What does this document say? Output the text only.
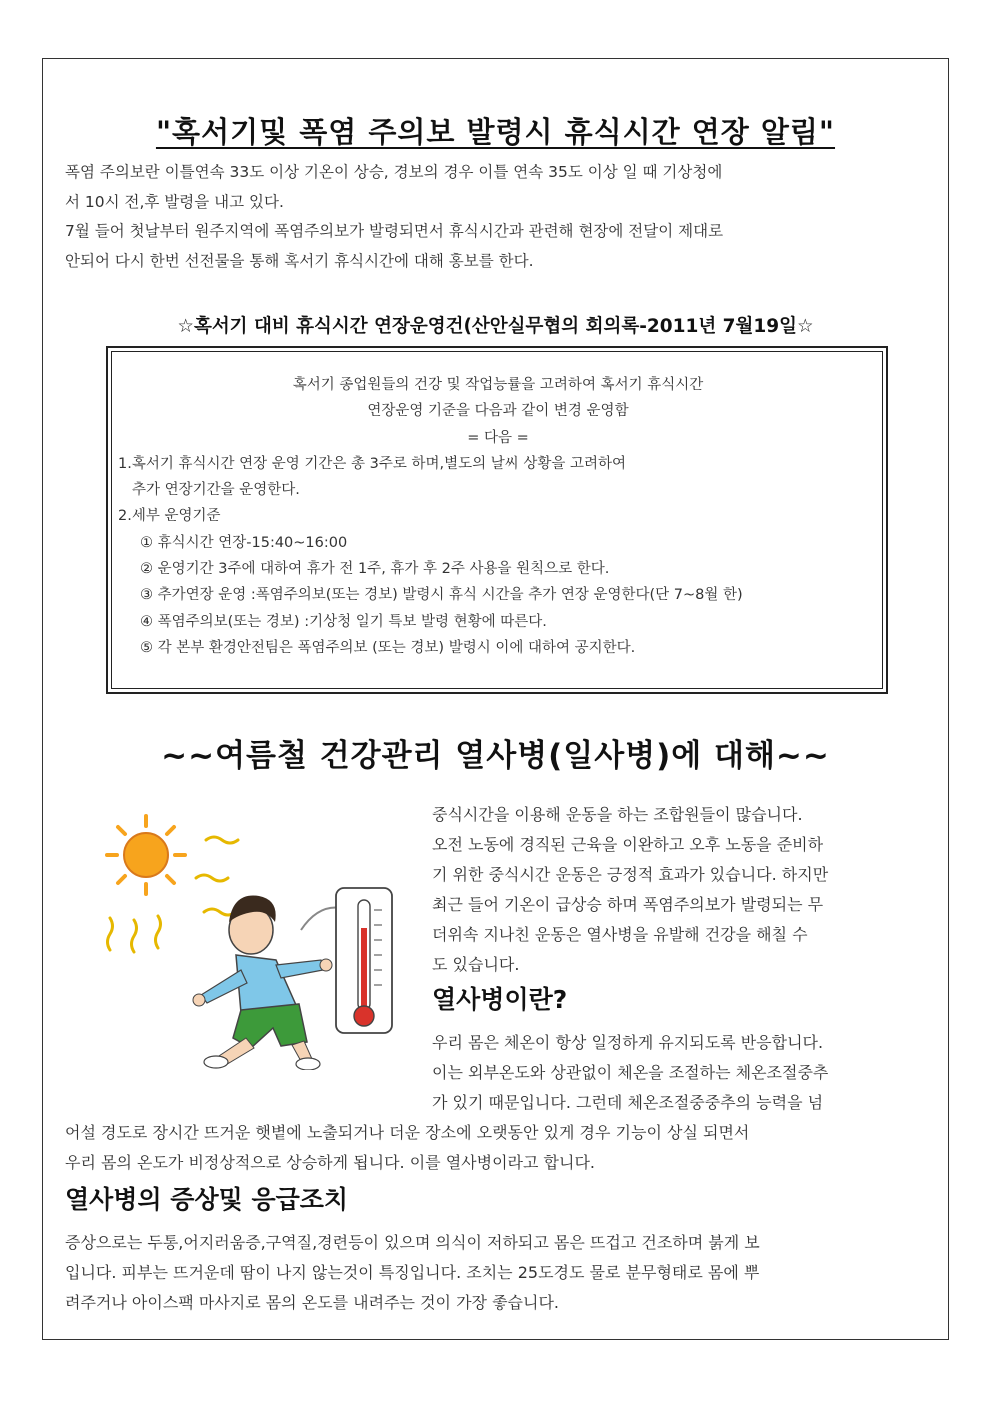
"혹서기및 폭염 주의보 발령시 휴식시간 연장 알림"
폭염 주의보란 이틀연속 33도 이상 기온이 상승, 경보의 경우 이틀 연속 35도 이상 일 때 기상청에
서 10시 전,후 발령을 내고 있다.
7월 들어 첫날부터 원주지역에 폭염주의보가 발령되면서 휴식시간과 관련해 현장에 전달이 제대로
안되어 다시 한번 선전물을 통해 혹서기 휴식시간에 대해 홍보를 한다.
☆혹서기 대비 휴식시간 연장운영건(산안실무협의 회의록-2011년 7월19일☆
혹서기 종업원들의 건강 및 작업능률을 고려하여 혹서기 휴식시간
연장운영 기준을 다음과 같이 변경 운영함
= 다음 =
1.혹서기 휴식시간 연장 운영 기간은 총 3주로 하며,별도의 날씨 상황을 고려하여
추가 연장기간을 운영한다.
2.세부 운영기준
① 휴식시간 연장-15:40~16:00
② 운영기간 3주에 대하여 휴가 전 1주, 휴가 후 2주 사용을 원칙으로 한다.
③ 추가연장 운영 :폭염주의보(또는 경보) 발령시 휴식 시간을 추가 연장 운영한다(단 7~8월 한)
④ 폭염주의보(또는 경보) :기상청 일기 특보 발령 현황에 따른다.
⑤ 각 본부 환경안전팀은 폭염주의보 (또는 경보) 발령시 이에 대하여 공지한다.
~~여름철 건강관리 열사병(일사병)에 대해~~
중식시간을 이용해 운동을 하는 조합원들이 많습니다.
오전 노동에 경직된 근육을 이완하고 오후 노동을 준비하
기 위한 중식시간 운동은 긍정적 효과가 있습니다. 하지만
최근 들어 기온이 급상승 하며 폭염주의보가 발령되는 무
더위속 지나친 운동은 열사병을 유발해 건강을 해칠 수
도 있습니다.
열사병이란?
우리 몸은 체온이 항상 일정하게 유지되도록 반응합니다.
이는 외부온도와 상관없이 체온을 조절하는 체온조절중추
가 있기 때문입니다. 그런데 체온조절중중추의 능력을 넘
어설 경도로 장시간 뜨거운 햇볕에 노출되거나 더운 장소에 오랫동안 있게 경우 기능이 상실 되면서
우리 몸의 온도가 비정상적으로 상승하게 됩니다. 이를 열사병이라고 합니다.
열사병의 증상및 응급조치
증상으로는 두통,어지러움증,구역질,경련등이 있으며 의식이 저하되고 몸은 뜨겁고 건조하며 붉게 보
입니다. 피부는 뜨거운데 땀이 나지 않는것이 특징입니다. 조치는 25도경도 물로 분무형태로 몸에 뿌
려주거나 아이스팩 마사지로 몸의 온도를 내려주는 것이 가장 좋습니다.
